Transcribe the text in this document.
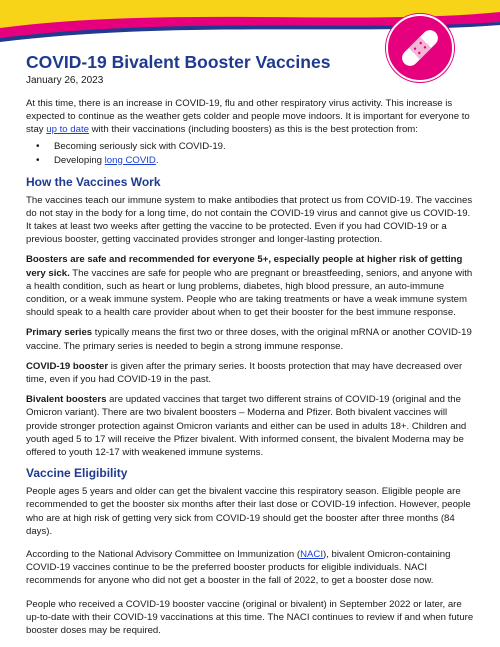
COVID-19 Bivalent Booster Vaccines
January 26, 2023

At this time, there is an increase in COVID-19, flu and other respiratory virus activity. This increase is expected to continue as the weather gets colder and people move indoors. It is important for everyone to stay up to date with their vaccinations (including boosters) as this is the best protection from:

• Becoming seriously sick with COVID-19.
• Developing long COVID.
How the Vaccines Work

The vaccines teach our immune system to make antibodies that protect us from COVID-19. The vaccines do not stay in the body for a long time, do not contain the COVID-19 virus and cannot give us COVID-19. It takes at least two weeks after getting the vaccine to be protected. Even if you had COVID-19 or a previous booster, getting vaccinated provides stronger and longer-lasting protection.

Boosters are safe and recommended for everyone 5+, especially people at higher risk of getting very sick. The vaccines are safe for people who are pregnant or breastfeeding, seniors, and anyone with a health condition, such as heart or lung problems, diabetes, high blood pressure, an auto-immune condition, or a weak immune system. People who are taking treatments or have a weak immune system should speak to a health care provider about when to get their booster for the best immune response.

Primary series typically means the first two or three doses, with the original mRNA or another COVID-19 vaccine. The primary series is needed to begin a strong immune response.

COVID-19 booster is given after the primary series. It boosts protection that may have decreased over time, even if you had COVID-19 in the past.

Bivalent boosters are updated vaccines that target two different strains of COVID-19 (original and the Omicron variant). There are two bivalent boosters – Moderna and Pfizer. Both bivalent vaccines will provide stronger protection against Omicron variants and either can be used in adults 18+. Children and youth aged 5 to 17 will receive the Pfizer bivalent. With informed consent, the bivalent Moderna may be offered to youth 12-17 with weakened immune systems.

Vaccine Eligibility

People ages 5 years and older can get the bivalent vaccine this respiratory season. Eligible people are recommended to get the booster six months after their last dose or COVID-19 infection. However, people who are at high risk of getting very sick from COVID-19 should get the booster after three months (84 days).

According to the National Advisory Committee on Immunization (NACI), bivalent Omicron-containing COVID-19 vaccines continue to be the preferred booster products for eligible individuals. NACI recommends for anyone who did not get a booster in the fall of 2022, to get a booster dose now.

People who received a COVID-19 booster vaccine (original or bivalent) in September 2022 or later, are up-to-date with their COVID-19 vaccinations at this time. The NACI continues to review if and when future booster doses may be required.
